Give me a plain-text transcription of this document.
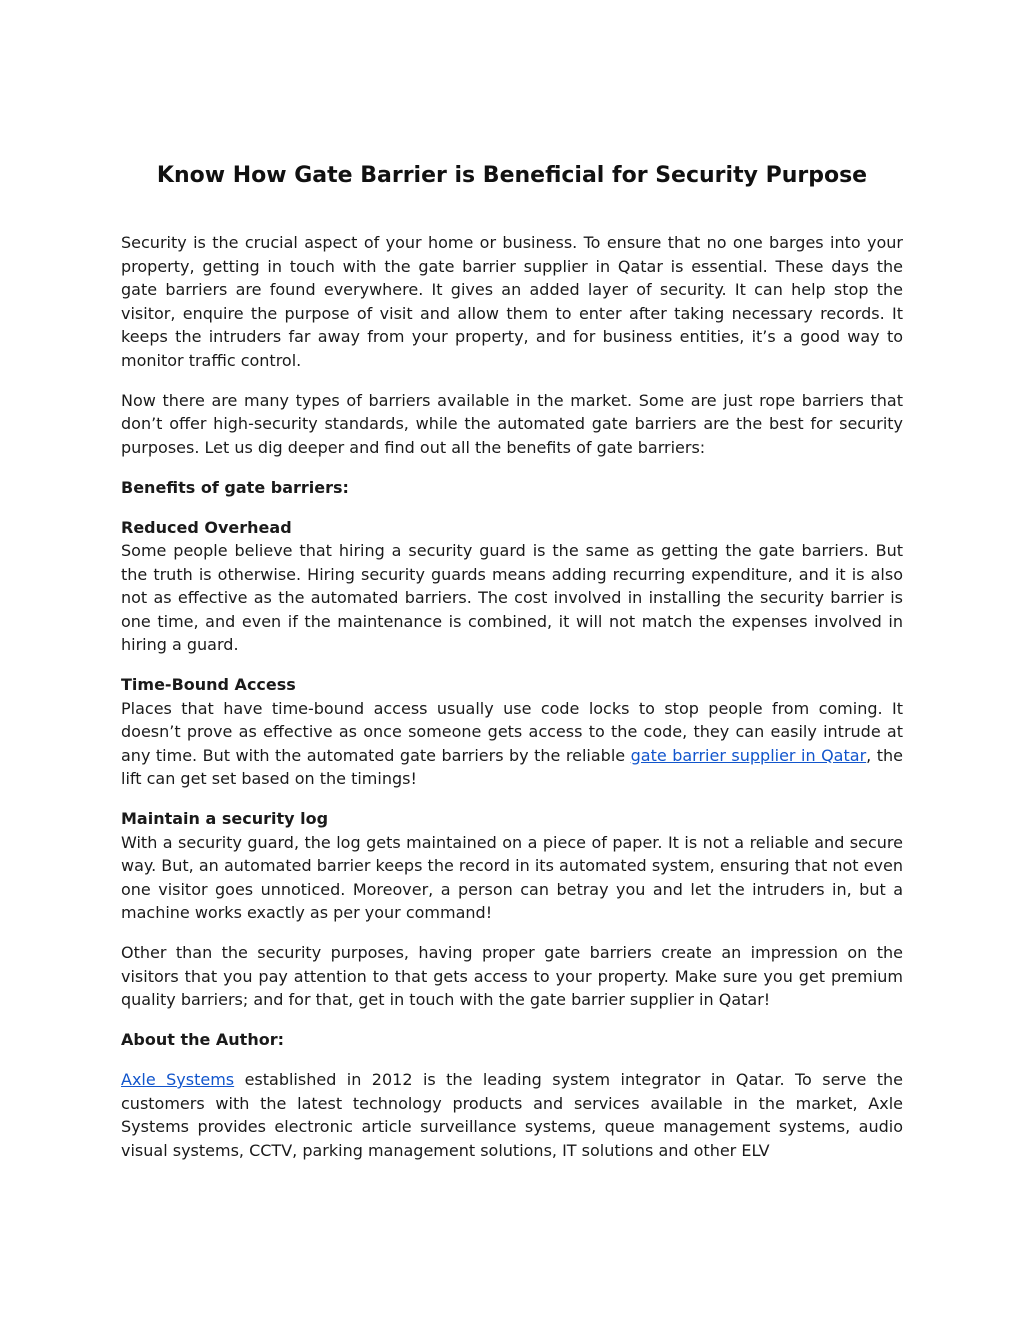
Know How Gate Barrier is Beneficial for Security Purpose

Security is the crucial aspect of your home or business. To ensure that no one barges into your property, getting in touch with the gate barrier supplier in Qatar is essential. These days the gate barriers are found everywhere. It gives an added layer of security. It can help stop the visitor, enquire the purpose of visit and allow them to enter after taking necessary records. It keeps the intruders far away from your property, and for business entities, it’s a good way to monitor traffic control.

Now there are many types of barriers available in the market. Some are just rope barriers that don’t offer high-security standards, while the automated gate barriers are the best for security purposes. Let us dig deeper and find out all the benefits of gate barriers:

Benefits of gate barriers:

Reduced Overhead
Some people believe that hiring a security guard is the same as getting the gate barriers. But the truth is otherwise. Hiring security guards means adding recurring expenditure, and it is also not as effective as the automated barriers. The cost involved in installing the security barrier is one time, and even if the maintenance is combined, it will not match the expenses involved in hiring a guard.

Time-Bound Access
Places that have time-bound access usually use code locks to stop people from coming. It doesn’t prove as effective as once someone gets access to the code, they can easily intrude at any time. But with the automated gate barriers by the reliable gate barrier supplier in Qatar, the lift can get set based on the timings!

Maintain a security log
With a security guard, the log gets maintained on a piece of paper. It is not a reliable and secure way. But, an automated barrier keeps the record in its automated system, ensuring that not even one visitor goes unnoticed. Moreover, a person can betray you and let the intruders in, but a machine works exactly as per your command!

Other than the security purposes, having proper gate barriers create an impression on the visitors that you pay attention to that gets access to your property. Make sure you get premium quality barriers; and for that, get in touch with the gate barrier supplier in Qatar!

About the Author:

Axle Systems established in 2012 is the leading system integrator in Qatar. To serve the customers with the latest technology products and services available in the market, Axle Systems provides electronic article surveillance systems, queue management systems, audio visual systems, CCTV, parking management solutions, IT solutions and other ELV
